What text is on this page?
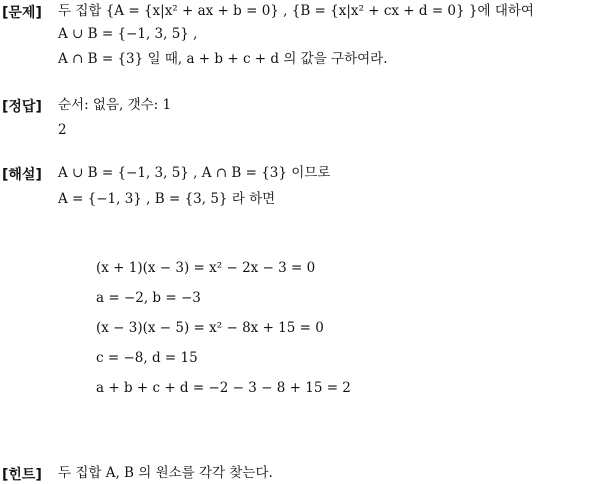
[문제] 두 집합 {A = {x|x² + ax + b = 0} , {B = {x|x² + cx + d = 0} }에 대하여
A ∪ B = {−1, 3, 5} ,
A ∩ B = {3} 일 때, a + b + c + d 의 값을 구하여라.
[정답] 순서: 없음, 갯수: 1
2
[해설] A ∪ B = {−1, 3, 5} , A ∩ B = {3} 이므로
A = {−1, 3} , B = {3, 5} 라 하면
(x + 1)(x − 3) = x² − 2x − 3 = 0
a = −2, b = −3
(x − 3)(x − 5) = x² − 8x + 15 = 0
c = −8, d = 15
a + b + c + d = −2 − 3 − 8 + 15 = 2
[힌트] 두 집합 A, B 의 원소를 각각 찾는다.
